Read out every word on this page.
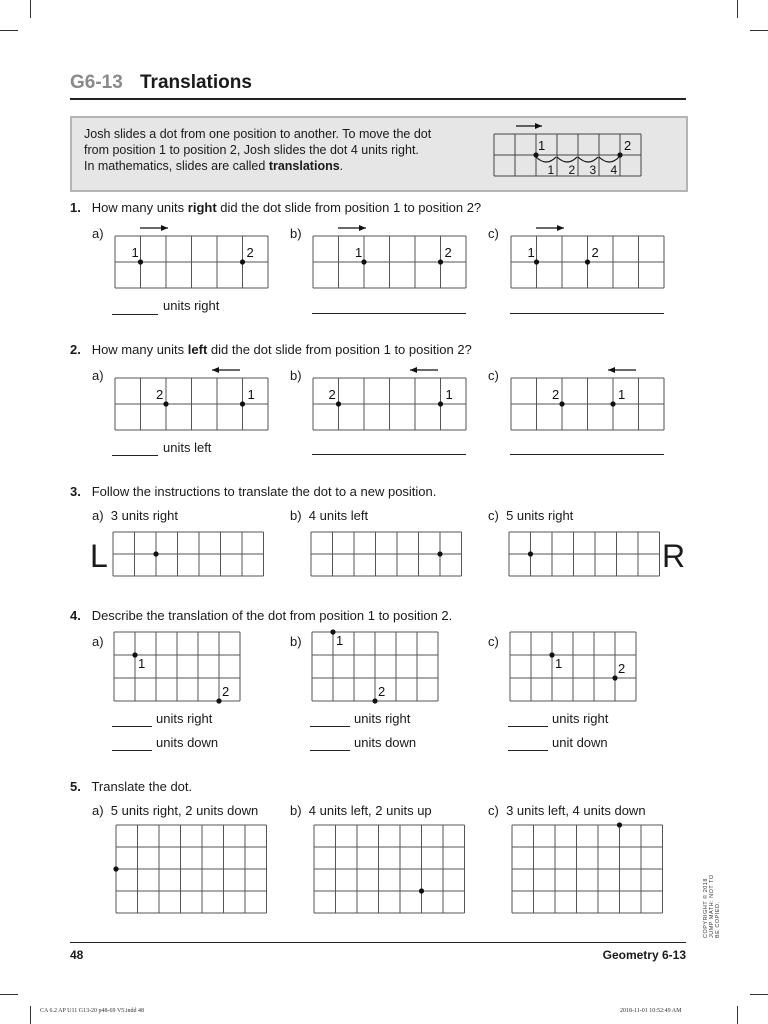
G6-13 Translations
Josh slides a dot from one position to another. To move the dot
from position 1 to position 2, Josh slides the dot 4 units right.
In mathematics, slides are called translations.
1	2
1 2 3 4
1. How many units right did the dot slide from position 1 to position 2?
a)	b)	c)
1	2	1	2	1	2
units right
2. How many units left did the dot slide from position 1 to position 2?
a)	b)	c)
1
2	1
2	1
2
units left
3. Follow the instructions to translate the dot to a new position.
a) 3 units right	b) 4 units left	c) 5 units right
L	R
4. Describe the translation of the dot from position 1 to position 2.
a)	b)	c)
1
2
1
2
1	2
units right
units down
units right
units down
units right
unit down
5. Translate the dot.
a) 5 units right, 2 units down b) 4 units left, 2 units up	c) 3 units left, 4 units down
COPYRIGHT © 2018 JUMP MATH: NOT TO BE COPIED.
48	Geometry 6-13
CA 6.2 AP U11 G13-20 p48-69 V5.indd 48	2018-11-01 10:52:49 AM
